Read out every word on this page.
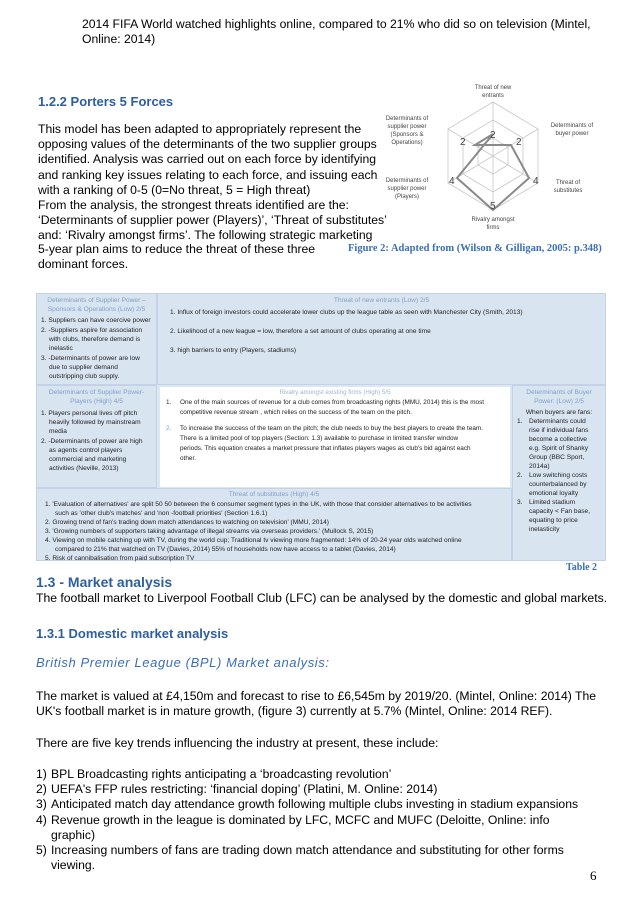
2014 FIFA World watched highlights online, compared to 21% who did so on television (Mintel,
Online: 2014)
1.2.2 Porters 5 Forces
This model has been adapted to appropriately represent the
opposing values of the determinants of the two supplier groups
identified. Analysis was carried out on each force by identifying
and ranking key issues relating to each force, and issuing each
with a ranking of 0-5 (0=No threat, 5 = High threat)
From the analysis, the strongest threats identified are the:
‘Determinants of supplier power (Players)’, ‘Threat of substitutes’
and: ‘Rivalry amongst firms’. The following strategic marketing
5-year plan aims to reduce the threat of these three
dominant forces.
2
2	2
4
5
4
Threat of new
entrants
Determinants of
buyer power
Threat of
substitutes
Rivalry amongst
firms
Determinants of
supplier power
(Players)
Determinants of
supplier power
(Sponsors &
Operations)
Figure 2: Adapted from (Wilson & Gilligan, 2005: p.348)
Determinants of Supplier Power –
Sponsors & Operations (Low) 2/5
1. Suppliers can have coercive power
2. -Suppliers aspire for association
with clubs, therefore demand is
inelastic
3. -Determinants of power are low
due to supplier demand
outstripping club supply.
Threat of new entrants (Low) 2/5
1. Influx of foreign investors could accelerate lower clubs up the league table as seen with Manchester City (Smith, 2013)
2. Likelihood of a new league = low, therefore a set amount of clubs operating at one time
3. high barriers to entry (Players, stadiums)
Determinants of Supplier Power-
Players (High) 4/5
1. Players personal lives off pitch
heavily followed by mainstream
media
2. -Determinants of power are high
as agents control players
commercial and marketing
activities (Neville, 2013)
Rivalry amongst existing firms (High) 5/5
1.	One of the main sources of revenue for a club comes from broadcasting rights (MMU, 2014) this is the most
competitive revenue stream , which relies on the success of the team on the pitch.
2.	To increase the success of the team on the pitch; the club needs to buy the best players to create the team.
There is a limited pool of top players (Section: 1.3) available to purchase in limited transfer window
periods. This equation creates a market pressure that inflates players wages as club's bid against each
other.
Determinants of Buyer
Power: (Low) 2/5
When buyers are fans:
1. Determinants could
rise if individual fans
become a collective
e.g. Spirit of Shanky
Group (BBC Sport,
2014a)
2. Low switching costs
counterbalanced by
emotional loyalty
3. Limited stadium
capacity < Fan base,
equating to price
inelasticity
Threat of substitutes (High) 4/5
1. 'Evaluation of alternatives' are split 50 50 between the 6 consumer segment types in the UK, with those that consider alternatives to be activities
such as 'other club's matches' and 'non -football priorities' (Section 1.6.1)
2. Growing trend of fan's trading down match attendances to watching on television' (MMU, 2014)
3. 'Growing numbers of supporters taking advantage of illegal streams via overseas providers.' (Mullock S, 2015)
4. Viewing on mobile catching up with TV, during the world cup; Traditional tv viewing more fragmented: 14% of 20-24 year olds watched online
compared to 21% that watched on TV (Davies, 2014) 55% of households now have access to a tablet (Davies, 2014)
5. Risk of cannibalisation from paid subscription TV
Table 2
1.3 - Market analysis
The football market to Liverpool Football Club (LFC) can be analysed by the domestic and global markets.
1.3.1 Domestic market analysis
British Premier League (BPL) Market analysis:
The market is valued at £4,150m and forecast to rise to £6,545m by 2019/20. (Mintel, Online: 2014) The
UK's football market is in mature growth, (figure 3) currently at 5.7% (Mintel, Online: 2014 REF).
There are five key trends influencing the industry at present, these include:
1) BPL Broadcasting rights anticipating a ‘broadcasting revolution’
2) UEFA's FFP rules restricting: ‘financial doping’ (Platini, M. Online: 2014)
3) Anticipated match day attendance growth following multiple clubs investing in stadium expansions
4) Revenue growth in the league is dominated by LFC, MCFC and MUFC (Deloitte, Online: info graphic)
5) Increasing numbers of fans are trading down match attendance and substituting for other forms
viewing.
6
